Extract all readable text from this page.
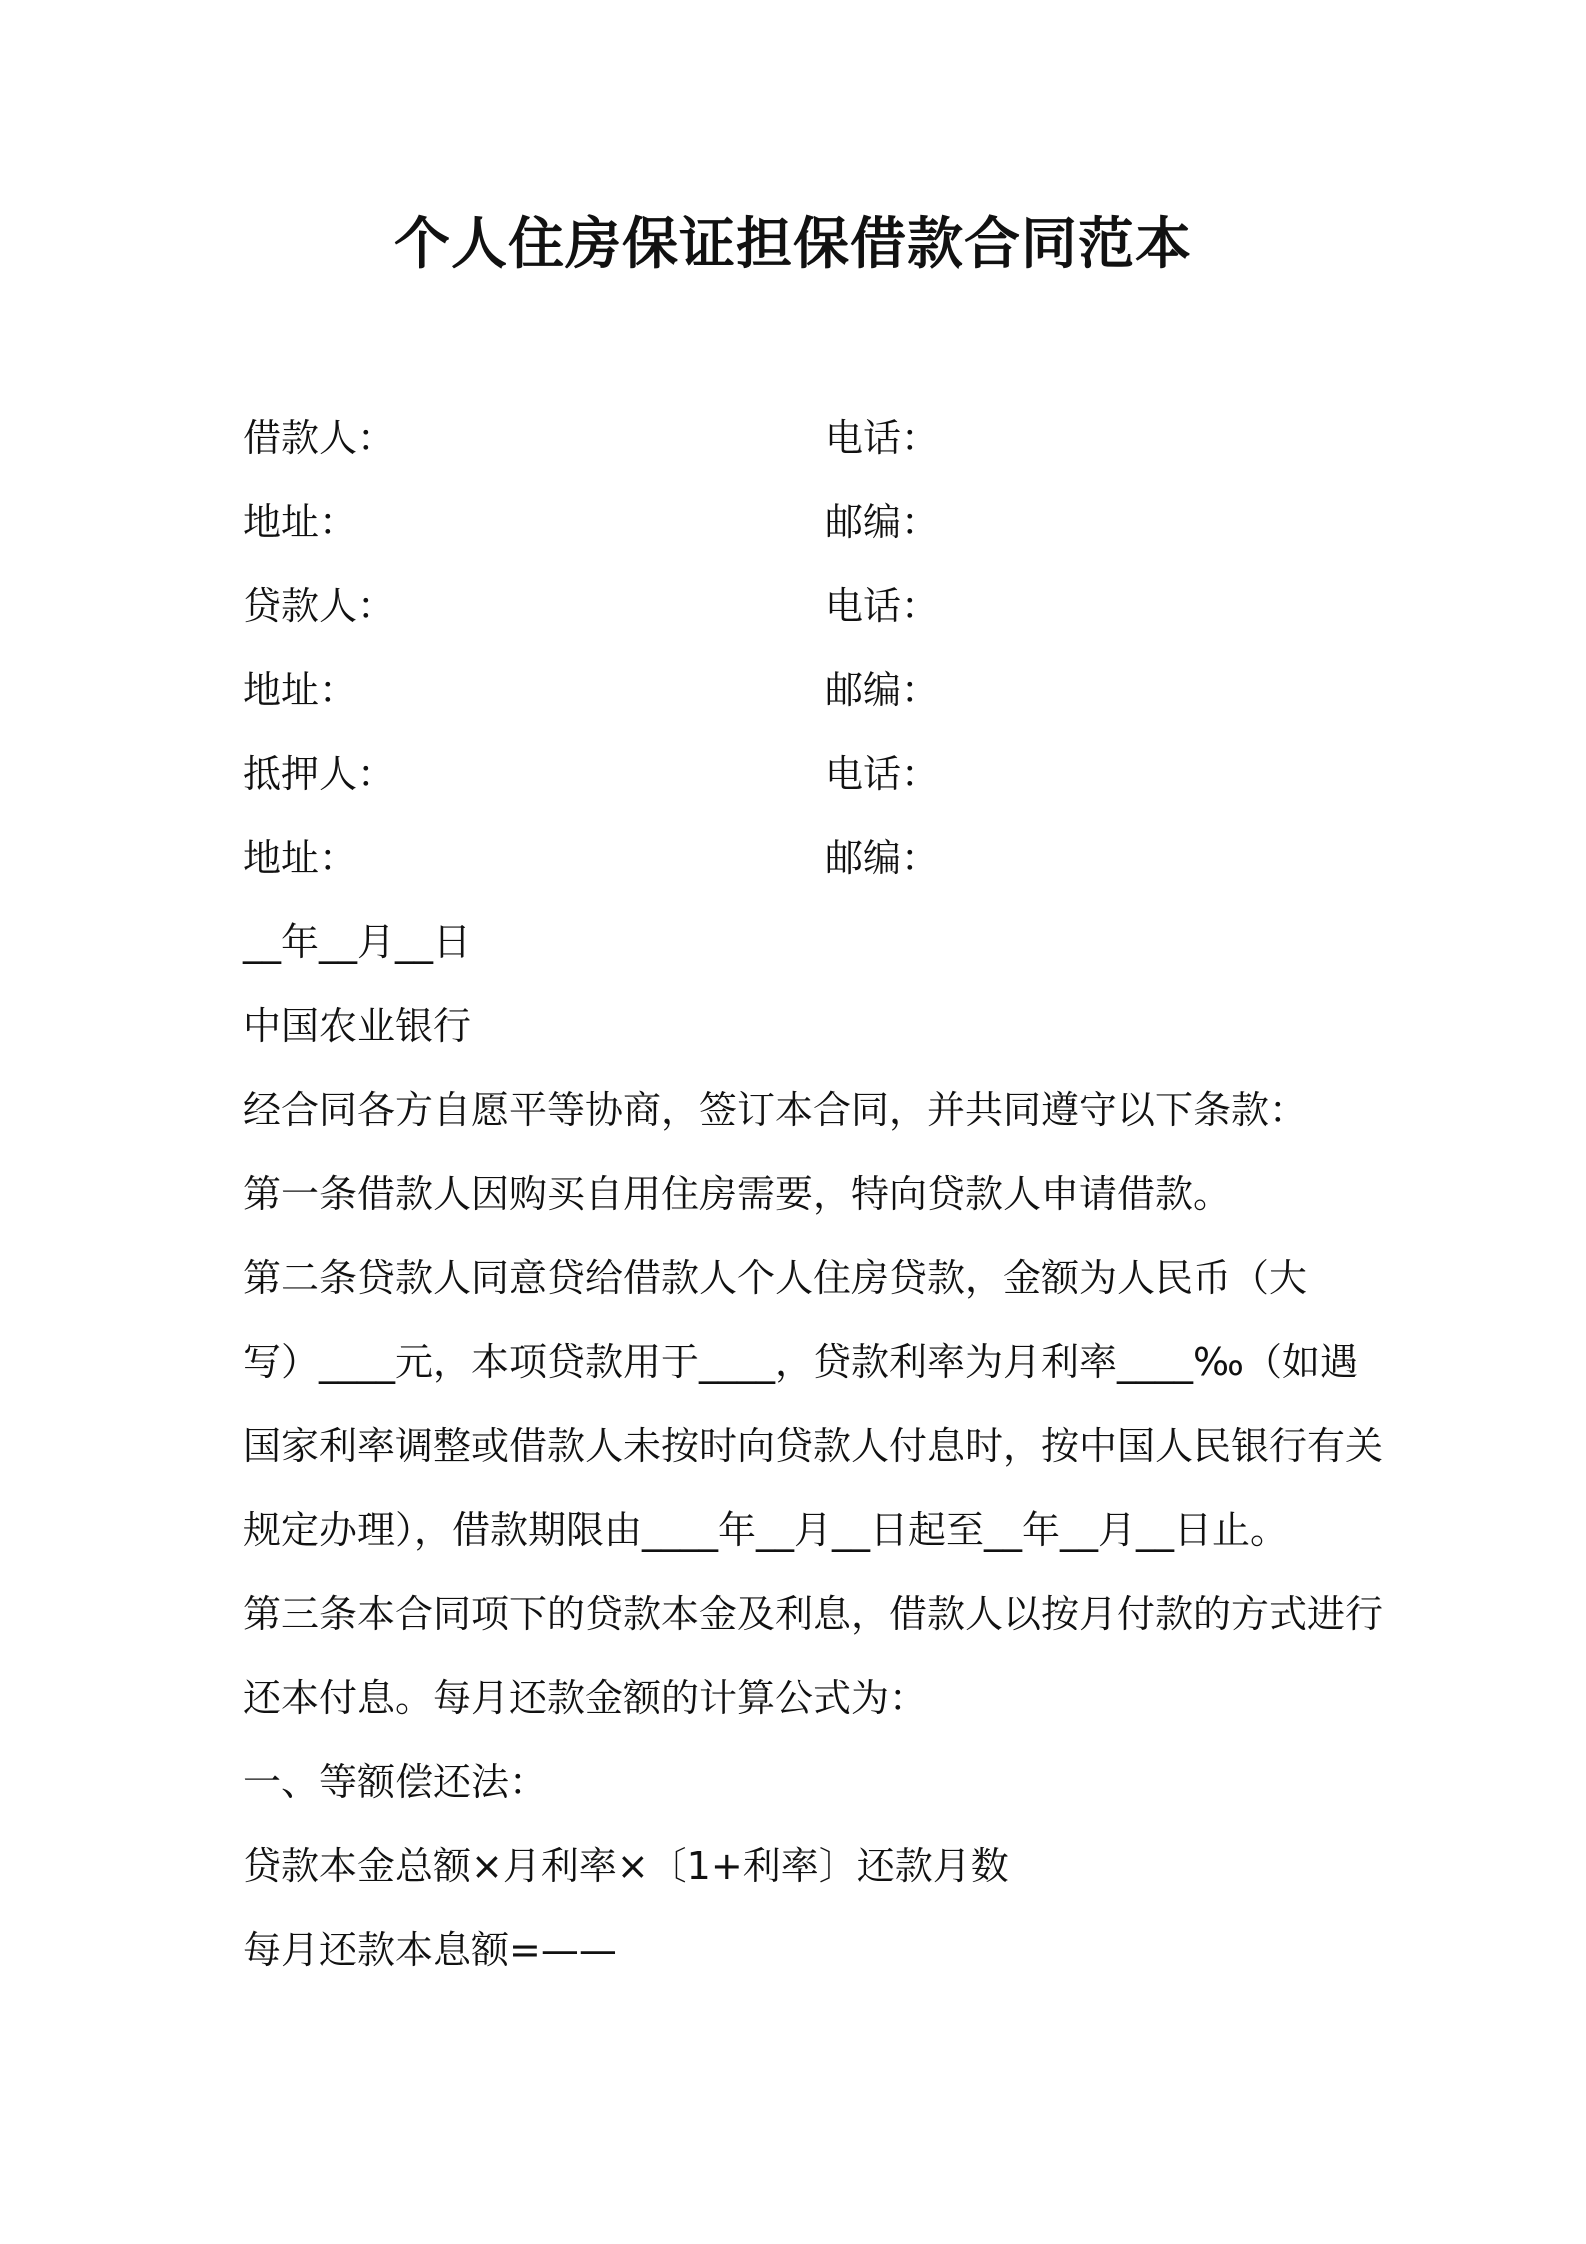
个人住房保证担保借款合同范本
借款人：	电话：
地址：	邮编：
贷款人：	电话：
地址：	邮编：
抵押人：	电话：
地址：	邮编：
__年__月__日
中国农业银行
经合同各方自愿平等协商，签订本合同，并共同遵守以下条款：
第一条借款人因购买自用住房需要，特向贷款人申请借款。
第二条贷款人同意贷给借款人个人住房贷款，金额为人民币（大
写）____元，本项贷款用于____，贷款利率为月利率____‰（如遇
国家利率调整或借款人未按时向贷款人付息时，按中国人民银行有关
规定办理），借款期限由____年__月__日起至__年__月__日止。
第三条本合同项下的贷款本金及利息，借款人以按月付款的方式进行
还本付息。每月还款金额的计算公式为：
一、等额偿还法：
贷款本金总额×月利率×〔1+利率〕还款月数
每月还款本息额=——
